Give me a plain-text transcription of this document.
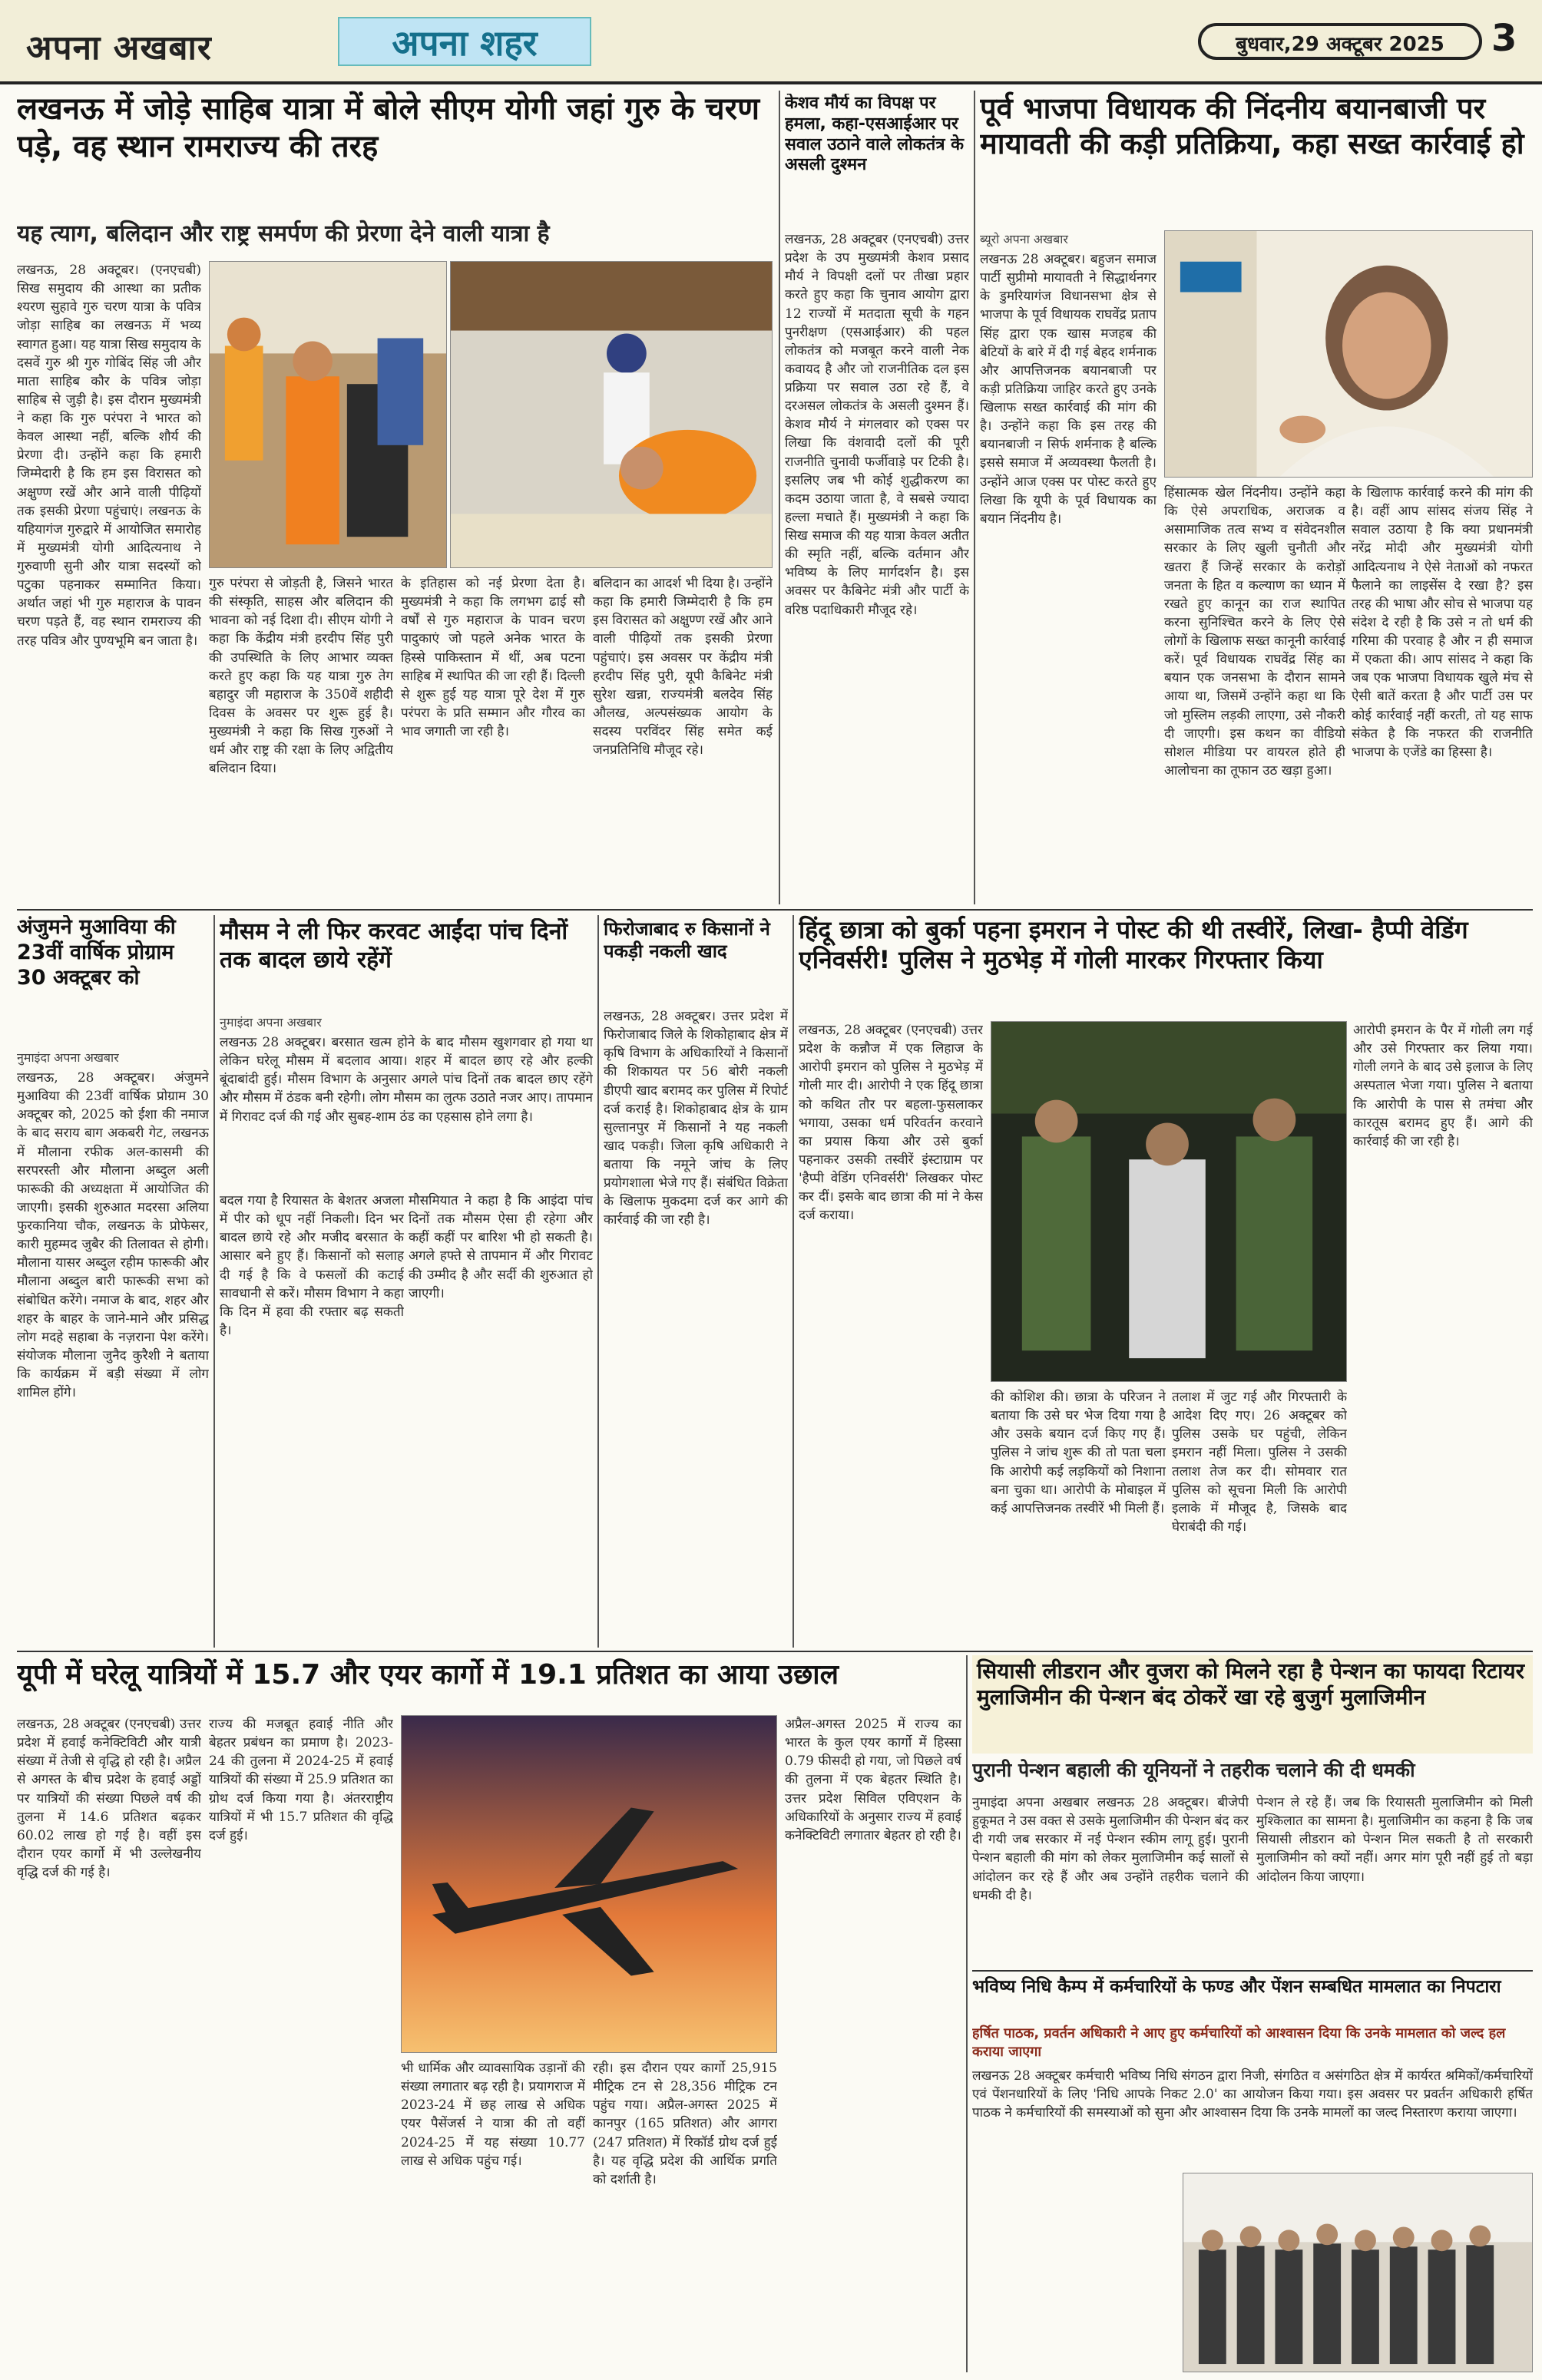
अपना अखबार	अपना शहर	बुधवार,29 अक्टूबर 2025	3
लखनऊ में जोड़े साहिब यात्रा में बोले सीएम योगी जहां गुरु के चरण पड़े, वह स्थान रामराज्य की तरह
यह त्याग, बलिदान और राष्ट्र समर्पण की प्रेरणा देने वाली यात्रा है
लखनऊ, 28 अक्टूबर। (एनएचबी) सिख समुदाय की आस्था का प्रतीक श्यरण सुहावे गुरु चरण यात्रा के पवित्र जोड़ा साहिब का लखनऊ में भव्य स्वागत हुआ। यह यात्रा सिख समुदाय के दसवें गुरु श्री गुरु गोबिंद सिंह जी और माता साहिब कौर के पवित्र जोड़ा साहिब से जुड़ी है। इस दौरान मुख्यमंत्री ने कहा कि गुरु परंपरा ने भारत को केवल आस्था नहीं, बल्कि शौर्य की प्रेरणा दी। उन्होंने कहा कि हमारी जिम्मेदारी है कि हम इस विरासत को अक्षुण्ण रखें और आने वाली पीढ़ियों तक इसकी प्रेरणा पहुंचाएं। लखनऊ के यहियागंज गुरुद्वारे में आयोजित समारोह में मुख्यमंत्री योगी आदित्यनाथ ने गुरुवाणी सुनी और यात्रा सदस्यों को पटुका पहनाकर सम्मानित किया। अर्थात जहां भी गुरु महाराज के पावन चरण पड़ते हैं, वह स्थान रामराज्य की तरह पवित्र और पुण्यभूमि बन जाता है।
गुरु परंपरा से जोड़ती है, जिसने भारत की संस्कृति, साहस और बलिदान की भावना को नई दिशा दी। सीएम योगी ने कहा कि केंद्रीय मंत्री हरदीप सिंह पुरी की उपस्थिति के लिए आभार व्यक्त करते हुए कहा कि यह यात्रा गुरु तेग बहादुर जी महाराज के 350वें शहीदी दिवस के अवसर पर शुरू हुई है। मुख्यमंत्री ने कहा कि सिख गुरुओं ने धर्म और राष्ट्र की रक्षा के लिए अद्वितीय बलिदान दिया।
के इतिहास को नई प्रेरणा देता है। मुख्यमंत्री ने कहा कि लगभग ढाई सौ वर्षों से गुरु महाराज के पावन चरण पादुकाएं जो पहले अनेक भारत के हिस्से पाकिस्तान में थीं, अब पटना साहिब में स्थापित की जा रही हैं। दिल्ली से शुरू हुई यह यात्रा पूरे देश में गुरु परंपरा के प्रति सम्मान और गौरव का भाव जगाती जा रही है।
बलिदान का आदर्श भी दिया है। उन्होंने कहा कि हमारी जिम्मेदारी है कि हम इस विरासत को अक्षुण्ण रखें और आने वाली पीढ़ियों तक इसकी प्रेरणा पहुंचाएं। इस अवसर पर केंद्रीय मंत्री हरदीप सिंह पुरी, यूपी कैबिनेट मंत्री सुरेश खन्ना, राज्यमंत्री बलदेव सिंह औलख, अल्पसंख्यक आयोग के सदस्य परविंदर सिंह समेत कई जनप्रतिनिधि मौजूद रहे।
केशव मौर्य का विपक्ष पर हमला, कहा-एसआईआर पर सवाल उठाने वाले लोकतंत्र के असली दुश्मन
लखनऊ, 28 अक्टूबर (एनएचबी) उत्तर प्रदेश के उप मुख्यमंत्री केशव प्रसाद मौर्य ने विपक्षी दलों पर तीखा प्रहार करते हुए कहा कि चुनाव आयोग द्वारा 12 राज्यों में मतदाता सूची के गहन पुनरीक्षण (एसआईआर) की पहल लोकतंत्र को मजबूत करने वाली नेक कवायद है और जो राजनीतिक दल इस प्रक्रिया पर सवाल उठा रहे हैं, वे दरअसल लोकतंत्र के असली दुश्मन हैं। केशव मौर्य ने मंगलवार को एक्स पर लिखा कि वंशवादी दलों की पूरी राजनीति चुनावी फर्जीवाड़े पर टिकी है। इसलिए जब भी कोई शुद्धीकरण का कदम उठाया जाता है, वे सबसे ज्यादा हल्ला मचाते हैं। मुख्यमंत्री ने कहा कि सिख समाज की यह यात्रा केवल अतीत की स्मृति नहीं, बल्कि वर्तमान और भविष्य के लिए मार्गदर्शन है। इस अवसर पर कैबिनेट मंत्री और पार्टी के वरिष्ठ पदाधिकारी मौजूद रहे।
पूर्व भाजपा विधायक की निंदनीय बयानबाजी पर मायावती की कड़ी प्रतिक्रिया, कहा सख्त कार्रवाई हो
ब्यूरो अपना अखबार
लखनऊ 28 अक्टूबर। बहुजन समाज पार्टी सुप्रीमो मायावती ने सिद्धार्थनगर के डुमरियागंज विधानसभा क्षेत्र से भाजपा के पूर्व विधायक राघवेंद्र प्रताप सिंह द्वारा एक खास मजहब की बेटियों के बारे में दी गई बेहद शर्मनाक और आपत्तिजनक बयानबाजी पर कड़ी प्रतिक्रिया जाहिर करते हुए उनके खिलाफ सख्त कार्रवाई की मांग की है। उन्होंने कहा कि इस तरह की बयानबाजी न सिर्फ शर्मनाक है बल्कि इससे समाज में अव्यवस्था फैलती है। उन्होंने आज एक्स पर पोस्ट करते हुए लिखा कि यूपी के पूर्व विधायक का बयान निंदनीय है।
हिंसात्मक खेल निंदनीय। उन्होंने कहा कि ऐसे अपराधिक, अराजक व असामाजिक तत्व सभ्य व संवेदनशील सरकार के लिए खुली चुनौती और खतरा हैं जिन्हें सरकार के करोड़ों जनता के हित व कल्याण का ध्यान में रखते हुए कानून का राज स्थापित करना सुनिश्चित करने के लिए ऐसे लोगों के खिलाफ सख्त कानूनी कार्रवाई करें। पूर्व विधायक राघवेंद्र सिंह का बयान एक जनसभा के दौरान सामने आया था, जिसमें उन्होंने कहा था कि जो मुस्लिम लड़की लाएगा, उसे नौकरी दी जाएगी। इस कथन का वीडियो सोशल मीडिया पर वायरल होते ही आलोचना का तूफान उठ खड़ा हुआ।
के खिलाफ कार्रवाई करने की मांग की है। वहीं आप सांसद संजय सिंह ने सवाल उठाया है कि क्या प्रधानमंत्री नरेंद्र मोदी और मुख्यमंत्री योगी आदित्यनाथ ने ऐसे नेताओं को नफरत फैलाने का लाइसेंस दे रखा है? इस तरह की भाषा और सोच से भाजपा यह संदेश दे रही है कि उसे न तो धर्म की गरिमा की परवाह है और न ही समाज में एकता की। आप सांसद ने कहा कि जब एक भाजपा विधायक खुले मंच से ऐसी बातें करता है और पार्टी उस पर कोई कार्रवाई नहीं करती, तो यह साफ संकेत है कि नफरत की राजनीति भाजपा के एजेंडे का हिस्सा है।
अंजुमने मुआविया की 23वीं वार्षिक प्रोग्राम 30 अक्टूबर को
नुमाइंदा अपना अखबार
लखनऊ, 28 अक्टूबर। अंजुमने मुआविया की 23वीं वार्षिक प्रोग्राम 30 अक्टूबर को, 2025 को ईशा की नमाज के बाद सराय बाग अकबरी गेट, लखनऊ में मौलाना रफीक अल-कासमी की सरपरस्ती और मौलाना अब्दुल अली फारूकी की अध्यक्षता में आयोजित की जाएगी। इसकी शुरुआत मदरसा अलिया फुरकानिया चौक, लखनऊ के प्रोफेसर, कारी मुहम्मद जुबैर की तिलावत से होगी। मौलाना यासर अब्दुल रहीम फारूकी और मौलाना अब्दुल बारी फारूकी सभा को संबोधित करेंगे। नमाज के बाद, शहर और शहर के बाहर के जाने-माने और प्रसिद्ध लोग मदहे सहाबा के नज़राना पेश करेंगे। संयोजक मौलाना जुनैद कुरैशी ने बताया कि कार्यक्रम में बड़ी संख्या में लोग शामिल होंगे।
मौसम ने ली फिर करवट आईंदा पांच दिनों तक बादल छाये रहेंगें
नुमाइंदा अपना अखबार
लखनऊ 28 अक्टूबर। बरसात खत्म होने के बाद मौसम खुशगवार हो गया था लेकिन घरेलू मौसम में बदलाव आया। शहर में बादल छाए रहे और हल्की बूंदाबांदी हुई। मौसम विभाग के अनुसार अगले पांच दिनों तक बादल छाए रहेंगे और मौसम में ठंडक बनी रहेगी। लोग मौसम का लुत्फ उठाते नजर आए। तापमान में गिरावट दर्ज की गई और सुबह-शाम ठंड का एहसास होने लगा है।
बदल गया है रियासत के बेशतर अजला में पीर को धूप नहीं निकली। दिन भर बादल छाये रहे और मजीद बरसात के आसार बने हुए हैं। किसानों को सलाह दी गई है कि वे फसलों की कटाई सावधानी से करें। मौसम विभाग ने कहा कि दिन में हवा की रफ्तार बढ़ सकती है।
मौसमियात ने कहा है कि आइंदा पांच दिनों तक मौसम ऐसा ही रहेगा और कहीं कहीं पर बारिश भी हो सकती है। अगले हफ्ते से तापमान में और गिरावट की उम्मीद है और सर्दी की शुरुआत हो जाएगी।
फिरोजाबाद रु किसानों ने पकड़ी नकली खाद
लखनऊ, 28 अक्टूबर। उत्तर प्रदेश में फिरोजाबाद जिले के शिकोहाबाद क्षेत्र में कृषि विभाग के अधिकारियों ने किसानों की शिकायत पर 56 बोरी नकली डीएपी खाद बरामद कर पुलिस में रिपोर्ट दर्ज कराई है। शिकोहाबाद क्षेत्र के ग्राम सुल्तानपुर में किसानों ने यह नकली खाद पकड़ी। जिला कृषि अधिकारी ने बताया कि नमूने जांच के लिए प्रयोगशाला भेजे गए हैं। संबंधित विक्रेता के खिलाफ मुकदमा दर्ज कर आगे की कार्रवाई की जा रही है।
हिंदू छात्रा को बुर्का पहना इमरान ने पोस्ट की थी तस्वीरें, लिखा- हैप्पी वेडिंग एनिवर्सरी! पुलिस ने मुठभेड़ में गोली मारकर गिरफ्तार किया
लखनऊ, 28 अक्टूबर (एनएचबी) उत्तर प्रदेश के कन्नौज में एक लिहाज के आरोपी इमरान को पुलिस ने मुठभेड़ में गोली मार दी। आरोपी ने एक हिंदू छात्रा को कथित तौर पर बहला-फुसलाकर भगाया, उसका धर्म परिवर्तन करवाने का प्रयास किया और उसे बुर्का पहनाकर उसकी तस्वीरें इंस्टाग्राम पर 'हैप्पी वेडिंग एनिवर्सरी' लिखकर पोस्ट कर दीं। इसके बाद छात्रा की मां ने केस दर्ज कराया।
की कोशिश की। छात्रा के परिजन ने बताया कि उसे घर भेज दिया गया है और उसके बयान दर्ज किए गए हैं। पुलिस ने जांच शुरू की तो पता चला कि आरोपी कई लड़कियों को निशाना बना चुका था। आरोपी के मोबाइल में कई आपत्तिजनक तस्वीरें भी मिली हैं।
तलाश में जुट गई और गिरफ्तारी के आदेश दिए गए। 26 अक्टूबर को पुलिस उसके घर पहुंची, लेकिन इमरान नहीं मिला। पुलिस ने उसकी तलाश तेज कर दी। सोमवार रात पुलिस को सूचना मिली कि आरोपी इलाके में मौजूद है, जिसके बाद घेराबंदी की गई।
आरोपी इमरान के पैर में गोली लग गई और उसे गिरफ्तार कर लिया गया। गोली लगने के बाद उसे इलाज के लिए अस्पताल भेजा गया। पुलिस ने बताया कि आरोपी के पास से तमंचा और कारतूस बरामद हुए हैं। आगे की कार्रवाई की जा रही है।
यूपी में घरेलू यात्रियों में 15.7 और एयर कार्गो में 19.1 प्रतिशत का आया उछाल
लखनऊ, 28 अक्टूबर (एनएचबी) उत्तर प्रदेश में हवाई कनेक्टिविटी और यात्री संख्या में तेजी से वृद्धि हो रही है। अप्रैल से अगस्त के बीच प्रदेश के हवाई अड्डों पर यात्रियों की संख्या पिछले वर्ष की तुलना में 14.6 प्रतिशत बढ़कर 60.02 लाख हो गई है। वहीं इस दौरान एयर कार्गो में भी उल्लेखनीय वृद्धि दर्ज की गई है।
राज्य की मजबूत हवाई नीति और बेहतर प्रबंधन का प्रमाण है। 2023-24 की तुलना में 2024-25 में हवाई यात्रियों की संख्या में 25.9 प्रतिशत का ग्रोथ दर्ज किया गया है। अंतरराष्ट्रीय यात्रियों में भी 15.7 प्रतिशत की वृद्धि दर्ज हुई।
भी धार्मिक और व्यावसायिक उड़ानों की संख्या लगातार बढ़ रही है। प्रयागराज में 2023-24 में छह लाख से अधिक एयर पैसेंजर्स ने यात्रा की तो वहीं 2024-25 में यह संख्या 10.77 लाख से अधिक पहुंच गई।
रही। इस दौरान एयर कार्गो 25,915 मीट्रिक टन से 28,356 मीट्रिक टन पहुंच गया। अप्रैल-अगस्त 2025 में कानपुर (165 प्रतिशत) और आगरा (247 प्रतिशत) में रिकॉर्ड ग्रोथ दर्ज हुई है। यह वृद्धि प्रदेश की आर्थिक प्रगति को दर्शाती है।
अप्रैल-अगस्त 2025 में राज्य का भारत के कुल एयर कार्गो में हिस्सा 0.79 फीसदी हो गया, जो पिछले वर्ष की तुलना में एक बेहतर स्थिति है। उत्तर प्रदेश सिविल एविएशन के अधिकारियों के अनुसार राज्य में हवाई कनेक्टिविटी लगातार बेहतर हो रही है।
सियासी लीडरान और वुजरा को मिलने रहा है पेन्शन का फायदा रिटायर मुलाजिमीन की पेन्शन बंद ठोकरें खा रहे बुजुर्ग मुलाजिमीन
पुरानी पेन्शन बहाली की यूनियनों ने तहरीक चलाने की दी धमकी
नुमाइंदा अपना अखबार लखनऊ 28 अक्टूबर। बीजेपी हुकूमत ने उस वक्त से उसके मुलाजिमीन की पेन्शन बंद कर दी गयी जब सरकार में नई पेन्शन स्कीम लागू हुई। पुरानी पेन्शन बहाली की मांग को लेकर मुलाजिमीन कई सालों से आंदोलन कर रहे हैं और अब उन्होंने तहरीक चलाने की धमकी दी है।
पेन्शन ले रहे हैं। जब कि रियासती मुलाजिमीन को मिली मुश्किलात का सामना है। मुलाजिमीन का कहना है कि जब सियासी लीडरान को पेन्शन मिल सकती है तो सरकारी मुलाजिमीन को क्यों नहीं। अगर मांग पूरी नहीं हुई तो बड़ा आंदोलन किया जाएगा।
भविष्य निधि कैम्प में कर्मचारियों के फण्ड और पेंशन सम्बधित मामलात का निपटारा
हर्षित पाठक, प्रवर्तन अधिकारी ने आए हुए कर्मचारियों को आश्वासन दिया कि उनके मामलात को जल्द हल कराया जाएगा
लखनऊ 28 अक्टूबर कर्मचारी भविष्य निधि संगठन द्वारा निजी, संगठित व असंगठित क्षेत्र में कार्यरत श्रमिकों/कर्मचारियों एवं पेंशनधारियों के लिए 'निधि आपके निकट 2.0' का आयोजन किया गया। इस अवसर पर प्रवर्तन अधिकारी हर्षित पाठक ने कर्मचारियों की समस्याओं को सुना और आश्वासन दिया कि उनके मामलों का जल्द निस्तारण कराया जाएगा।
